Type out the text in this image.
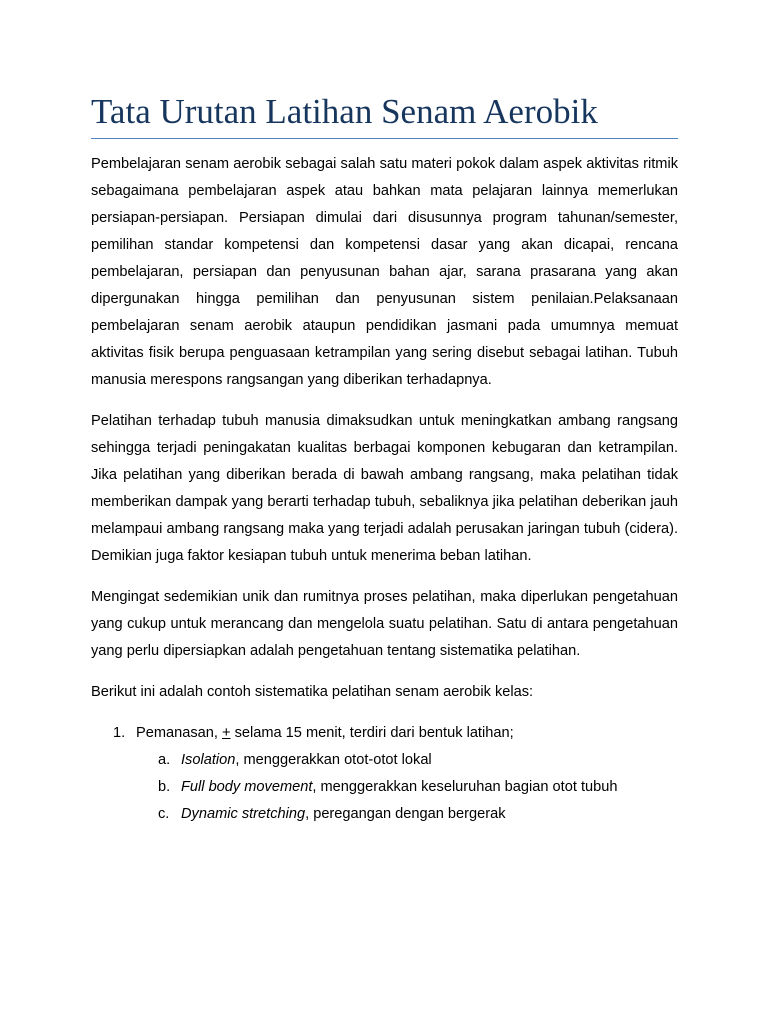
Tata Urutan Latihan Senam Aerobik

Pembelajaran senam aerobik sebagai salah satu materi pokok dalam aspek aktivitas ritmik sebagaimana pembelajaran aspek atau bahkan mata pelajaran lainnya memerlukan persiapan-persiapan. Persiapan dimulai dari disusunnya program tahunan/semester, pemilihan standar kompetensi dan kompetensi dasar yang akan dicapai, rencana pembelajaran, persiapan dan penyusunan bahan ajar, sarana prasarana yang akan dipergunakan hingga pemilihan dan penyusunan sistem penilaian.Pelaksanaan pembelajaran senam aerobik ataupun pendidikan jasmani pada umumnya memuat aktivitas fisik berupa penguasaan ketrampilan yang sering disebut sebagai latihan. Tubuh manusia merespons rangsangan yang diberikan terhadapnya.

Pelatihan terhadap tubuh manusia dimaksudkan untuk meningkatkan ambang rangsang sehingga terjadi peningakatan kualitas berbagai komponen kebugaran dan ketrampilan. Jika pelatihan yang diberikan berada di bawah ambang rangsang, maka pelatihan tidak memberikan dampak yang berarti terhadap tubuh, sebaliknya jika pelatihan deberikan jauh melampaui ambang rangsang maka yang terjadi adalah perusakan jaringan tubuh (cidera). Demikian juga faktor kesiapan tubuh untuk menerima beban latihan.

Mengingat sedemikian unik dan rumitnya proses pelatihan, maka diperlukan pengetahuan yang cukup untuk merancang dan mengelola suatu pelatihan. Satu di antara pengetahuan yang perlu dipersiapkan adalah pengetahuan tentang sistematika pelatihan.

Berikut ini adalah contoh sistematika pelatihan senam aerobik kelas:

1. Pemanasan, + selama 15 menit, terdiri dari bentuk latihan;
a. Isolation, menggerakkan otot-otot lokal
b. Full body movement, menggerakkan keseluruhan bagian otot tubuh
c. Dynamic stretching, peregangan dengan bergerak
